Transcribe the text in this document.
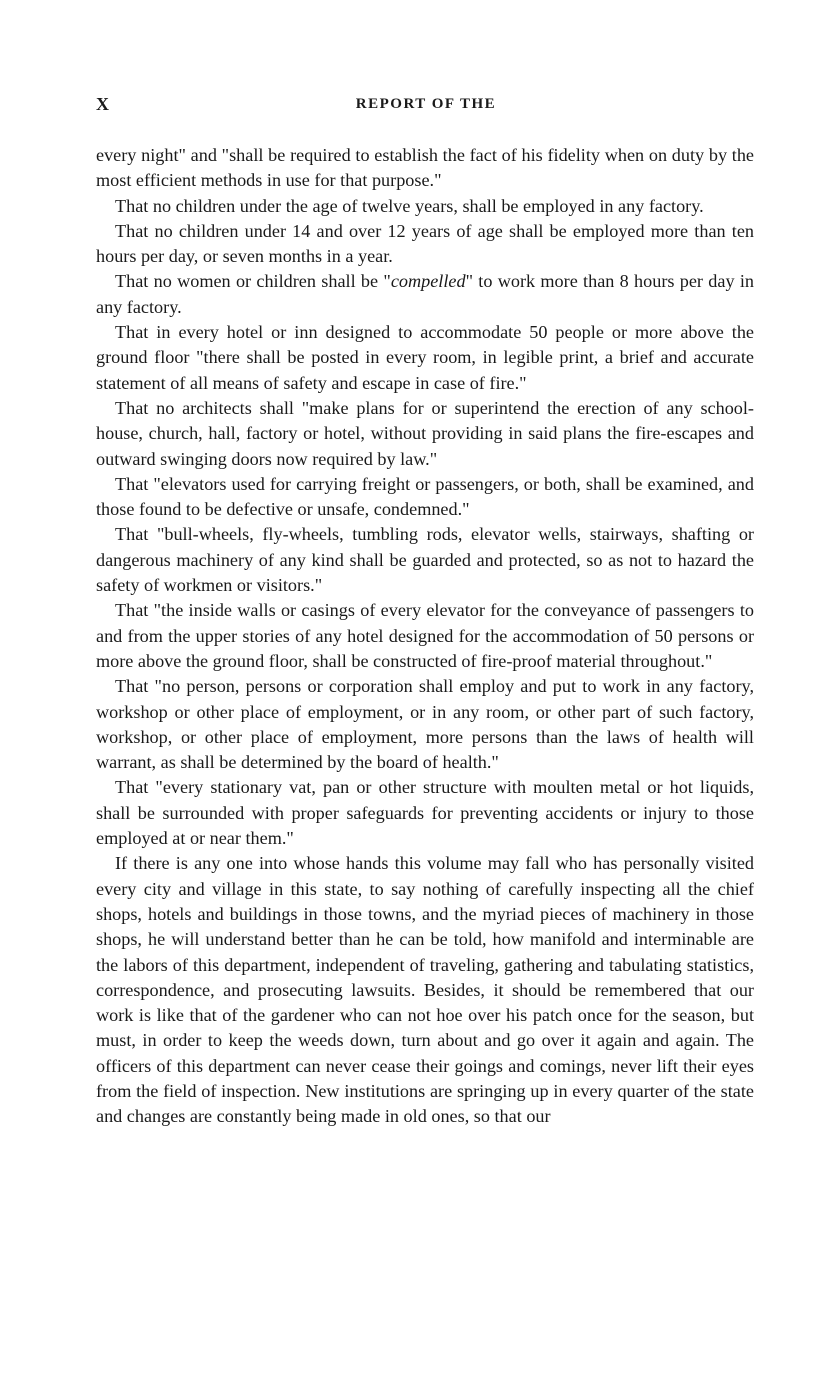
X	REPORT OF THE

every night" and "shall be required to establish the fact of his fidelity when on duty by the most efficient methods in use for that purpose."

That no children under the age of twelve years, shall be employed in any factory.

That no children under 14 and over 12 years of age shall be employed more than ten hours per day, or seven months in a year.

That no women or children shall be "compelled" to work more than 8 hours per day in any factory.

That in every hotel or inn designed to accommodate 50 people or more above the ground floor "there shall be posted in every room, in legible print, a brief and accurate statement of all means of safety and escape in case of fire."

That no architects shall "make plans for or superintend the erection of any school-house, church, hall, factory or hotel, without providing in said plans the fire-escapes and outward swinging doors now required by law."

That "elevators used for carrying freight or passengers, or both, shall be examined, and those found to be defective or unsafe, condemned."

That "bull-wheels, fly-wheels, tumbling rods, elevator wells, stairways, shafting or dangerous machinery of any kind shall be guarded and protected, so as not to hazard the safety of workmen or visitors."

That "the inside walls or casings of every elevator for the conveyance of passengers to and from the upper stories of any hotel designed for the accommodation of 50 persons or more above the ground floor, shall be constructed of fire-proof material throughout."

That "no person, persons or corporation shall employ and put to work in any factory, workshop or other place of employment, or in any room, or other part of such factory, workshop, or other place of employment, more persons than the laws of health will warrant, as shall be determined by the board of health."

That "every stationary vat, pan or other structure with moulten metal or hot liquids, shall be surrounded with proper safeguards for preventing accidents or injury to those employed at or near them."

If there is any one into whose hands this volume may fall who has personally visited every city and village in this state, to say nothing of carefully inspecting all the chief shops, hotels and buildings in those towns, and the myriad pieces of machinery in those shops, he will understand better than he can be told, how manifold and interminable are the labors of this department, independent of traveling, gathering and tabulating statistics, correspondence, and prosecuting lawsuits. Besides, it should be remembered that our work is like that of the gardener who can not hoe over his patch once for the season, but must, in order to keep the weeds down, turn about and go over it again and again. The officers of this department can never cease their goings and comings, never lift their eyes from the field of inspection. New institutions are springing up in every quarter of the state and changes are constantly being made in old ones, so that our
